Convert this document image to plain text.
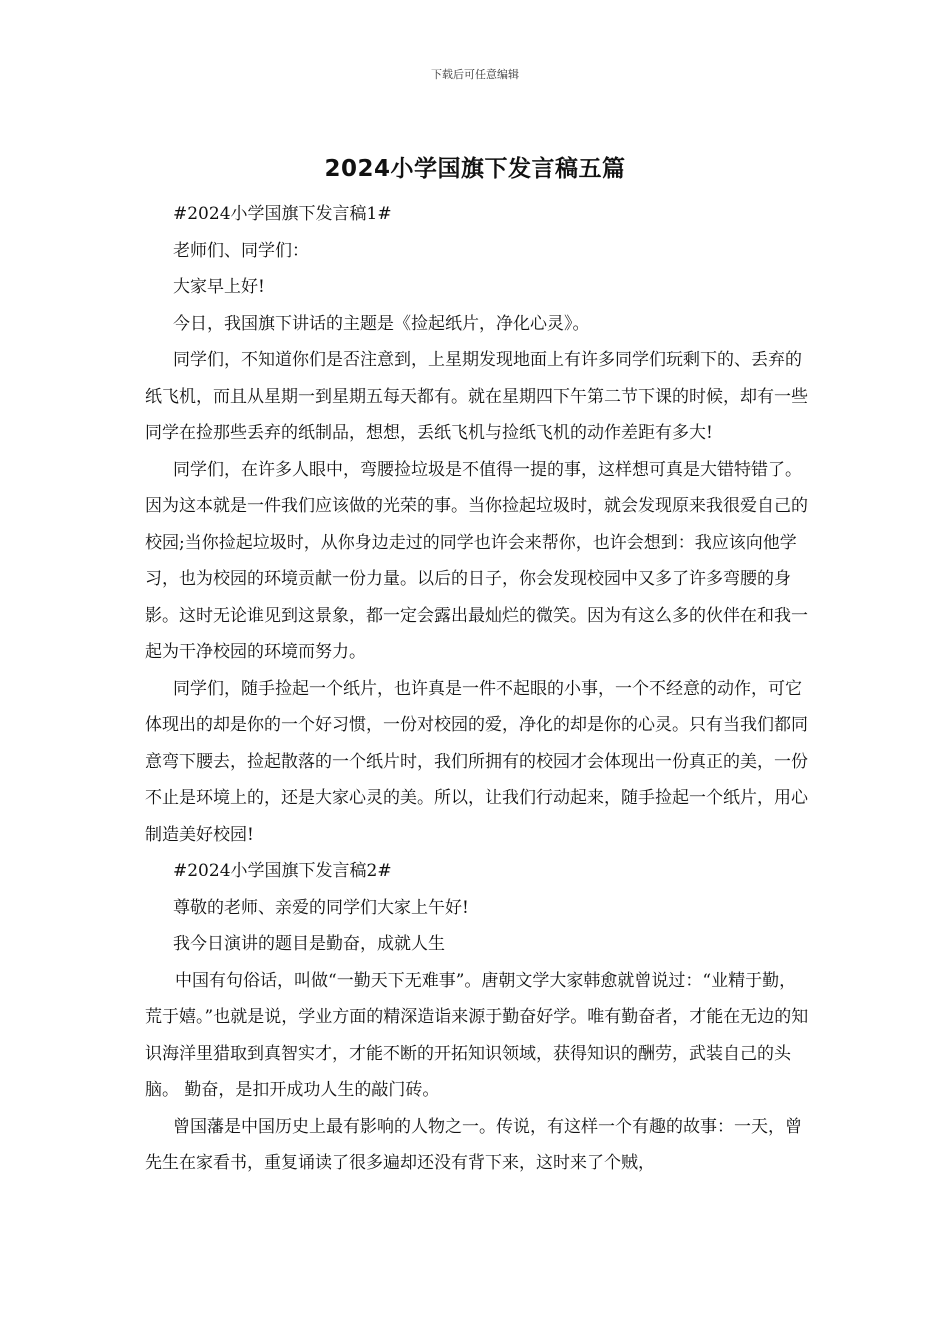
下载后可任意编辑
2024小学国旗下发言稿五篇

#2024小学国旗下发言稿1#

老师们、同学们：

大家早上好!

今日，我国旗下讲话的主题是《捡起纸片，净化心灵》。

同学们，不知道你们是否注意到，上星期发现地面上有许多同学们玩剩下的、丢弃的纸飞机，而且从星期一到星期五每天都有。就在星期四下午第二节下课的时候，却有一些同学在捡那些丢弃的纸制品，想想，丢纸飞机与捡纸飞机的动作差距有多大!

同学们，在许多人眼中，弯腰捡垃圾是不值得一提的事，这样想可真是大错特错了。因为这本就是一件我们应该做的光荣的事。当你捡起垃圾时，就会发现原来我很爱自己的校园;当你捡起垃圾时，从你身边走过的同学也许会来帮你，也许会想到：我应该向他学习，也为校园的环境贡献一份力量。以后的日子，你会发现校园中又多了许多弯腰的身影。这时无论谁见到这景象，都一定会露出最灿烂的微笑。因为有这么多的伙伴在和我一起为干净校园的环境而努力。

同学们，随手捡起一个纸片，也许真是一件不起眼的小事，一个不经意的动作，可它体现出的却是你的一个好习惯，一份对校园的爱，净化的却是你的心灵。只有当我们都同意弯下腰去，捡起散落的一个纸片时，我们所拥有的校园才会体现出一份真正的美，一份不止是环境上的，还是大家心灵的美。所以，让我们行动起来，随手捡起一个纸片，用心制造美好校园!

#2024小学国旗下发言稿2#

尊敬的老师、亲爱的同学们大家上午好!

我今日演讲的题目是勤奋，成就人生

中国有句俗话，叫做“一勤天下无难事”。唐朝文学大家韩愈就曾说过：“业精于勤，荒于嬉。”也就是说，学业方面的精深造诣来源于勤奋好学。唯有勤奋者，才能在无边的知识海洋里猎取到真智实才，才能不断的开拓知识领域，获得知识的酬劳，武装自己的头脑。 勤奋，是扣开成功人生的敲门砖。

曾国藩是中国历史上最有影响的人物之一。传说，有这样一个有趣的故事：一天，曾先生在家看书，重复诵读了很多遍却还没有背下来，这时来了个贼，
